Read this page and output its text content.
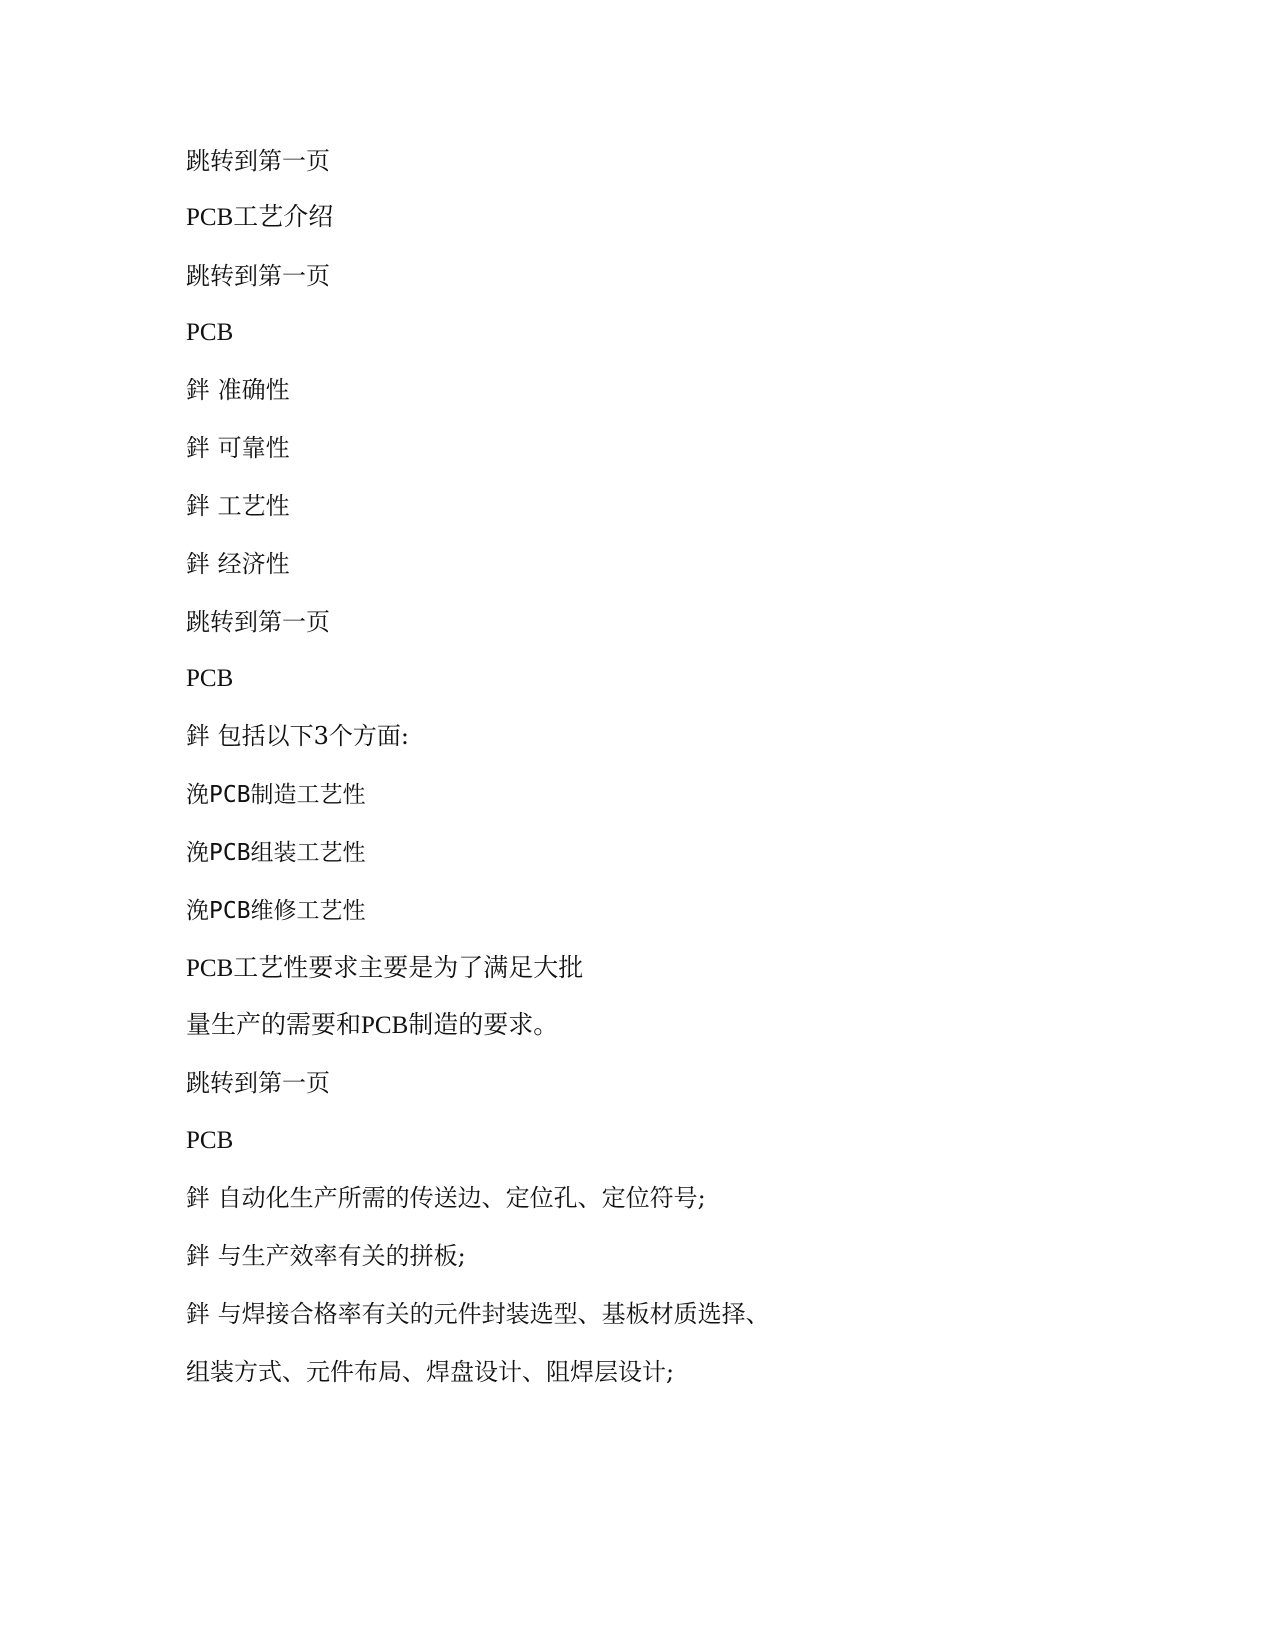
跳转到第一页

PCB工艺介绍

跳转到第一页

PCB

鉡 准确性

鉡 可靠性

鉡 工艺性

鉡 经济性

跳转到第一页

PCB

鉡 包括以下3个方面:

浼PCB制造工艺性

浼PCB组装工艺性

浼PCB维修工艺性

PCB工艺性要求主要是为了满足大批

量生产的需要和PCB制造的要求。

跳转到第一页

PCB

鉡 自动化生产所需的传送边、定位孔、定位符号;

鉡 与生产效率有关的拼板;

鉡 与焊接合格率有关的元件封装选型、基板材质选择、

组装方式、元件布局、焊盘设计、阻焊层设计;
